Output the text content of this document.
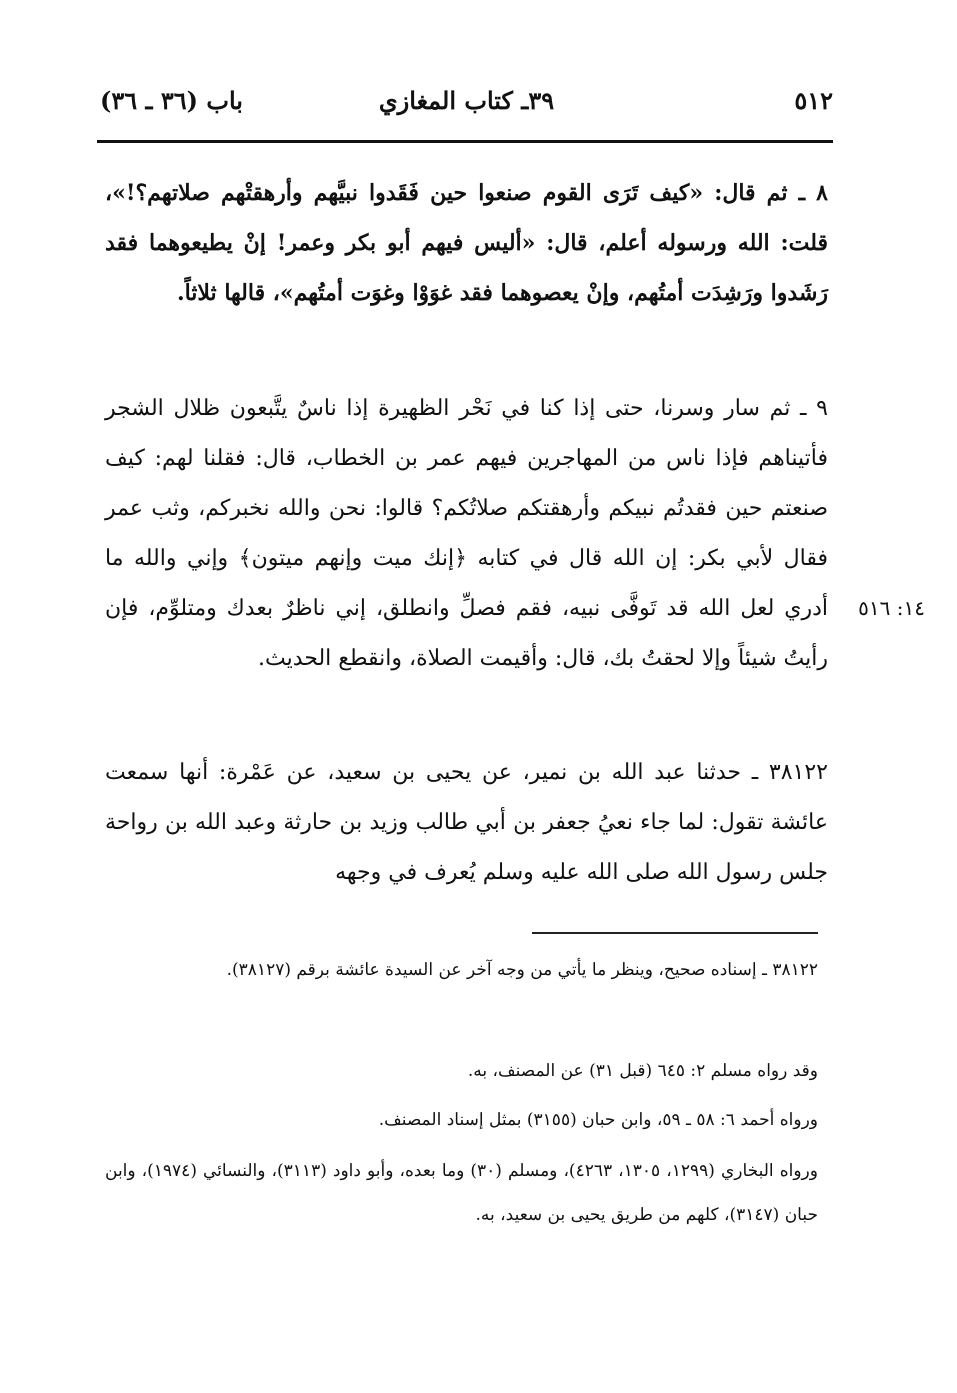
٥١٢
٣٩ـ كتاب المغازي
باب (٣٦ ـ ٣٦)

٨ ـ ثم قال: «كيف تَرَى القوم صنعوا حين فَقَدوا نبيَّهم وأرهقتْهم صلاتهم؟!»، قلت: الله ورسوله أعلم، قال: «أليس فيهم أبو بكر وعمر! إنْ يطيعوهما فقد رَشَدوا ورَشِدَت أمتُهم، وإنْ يعصوهما فقد غوَوْا وغوَت أمتُهم»، قالها ثلاثاً.

٩ ـ ثم سار وسرنا، حتى إذا كنا في نَحْر الظهيرة إذا ناسٌ يتَّبعون ظلال الشجر فأتيناهم فإذا ناس من المهاجرين فيهم عمر بن الخطاب، قال: فقلنا لهم: كيف صنعتم حين فقدتُم نبيكم وأرهقتكم صلاتُكم؟ قالوا: نحن والله نخبركم، وثب عمر فقال لأبي بكر: إن الله قال في كتابه ﴿إنك ميت وإنهم ميتون﴾ وإني والله ما أدري لعل الله قد تَوفَّى نبيه، فقم فصلِّ وانطلق، إني ناظرٌ بعدك ومتلوِّم، فإن رأيتُ شيئاً وإلا لحقتُ بك، قال: وأقيمت الصلاة، وانقطع الحديث.

٣٨١٢٢ ـ حدثنا عبد الله بن نمير، عن يحيى بن سعيد، عن عَمْرة: أنها سمعت عائشة تقول: لما جاء نعيُ جعفر بن أبي طالب وزيد بن حارثة وعبد الله بن رواحة جلس رسول الله صلى الله عليه وسلم يُعرف في وجهه

١٤: ٥١٦

٣٨١٢٢ ـ إسناده صحيح، وينظر ما يأتي من وجه آخر عن السيدة عائشة برقم (٣٨١٢٧).

وقد رواه مسلم ٢: ٦٤٥ (قبل ٣١) عن المصنف، به.

ورواه أحمد ٦: ٥٨ ـ ٥٩، وابن حبان (٣١٥٥) بمثل إسناد المصنف.

ورواه البخاري (١٢٩٩، ١٣٠٥، ٤٢٦٣)، ومسلم (٣٠) وما بعده، وأبو داود (٣١١٣)، والنسائي (١٩٧٤)، وابن حبان (٣١٤٧)، كلهم من طريق يحيى بن سعيد، به.
